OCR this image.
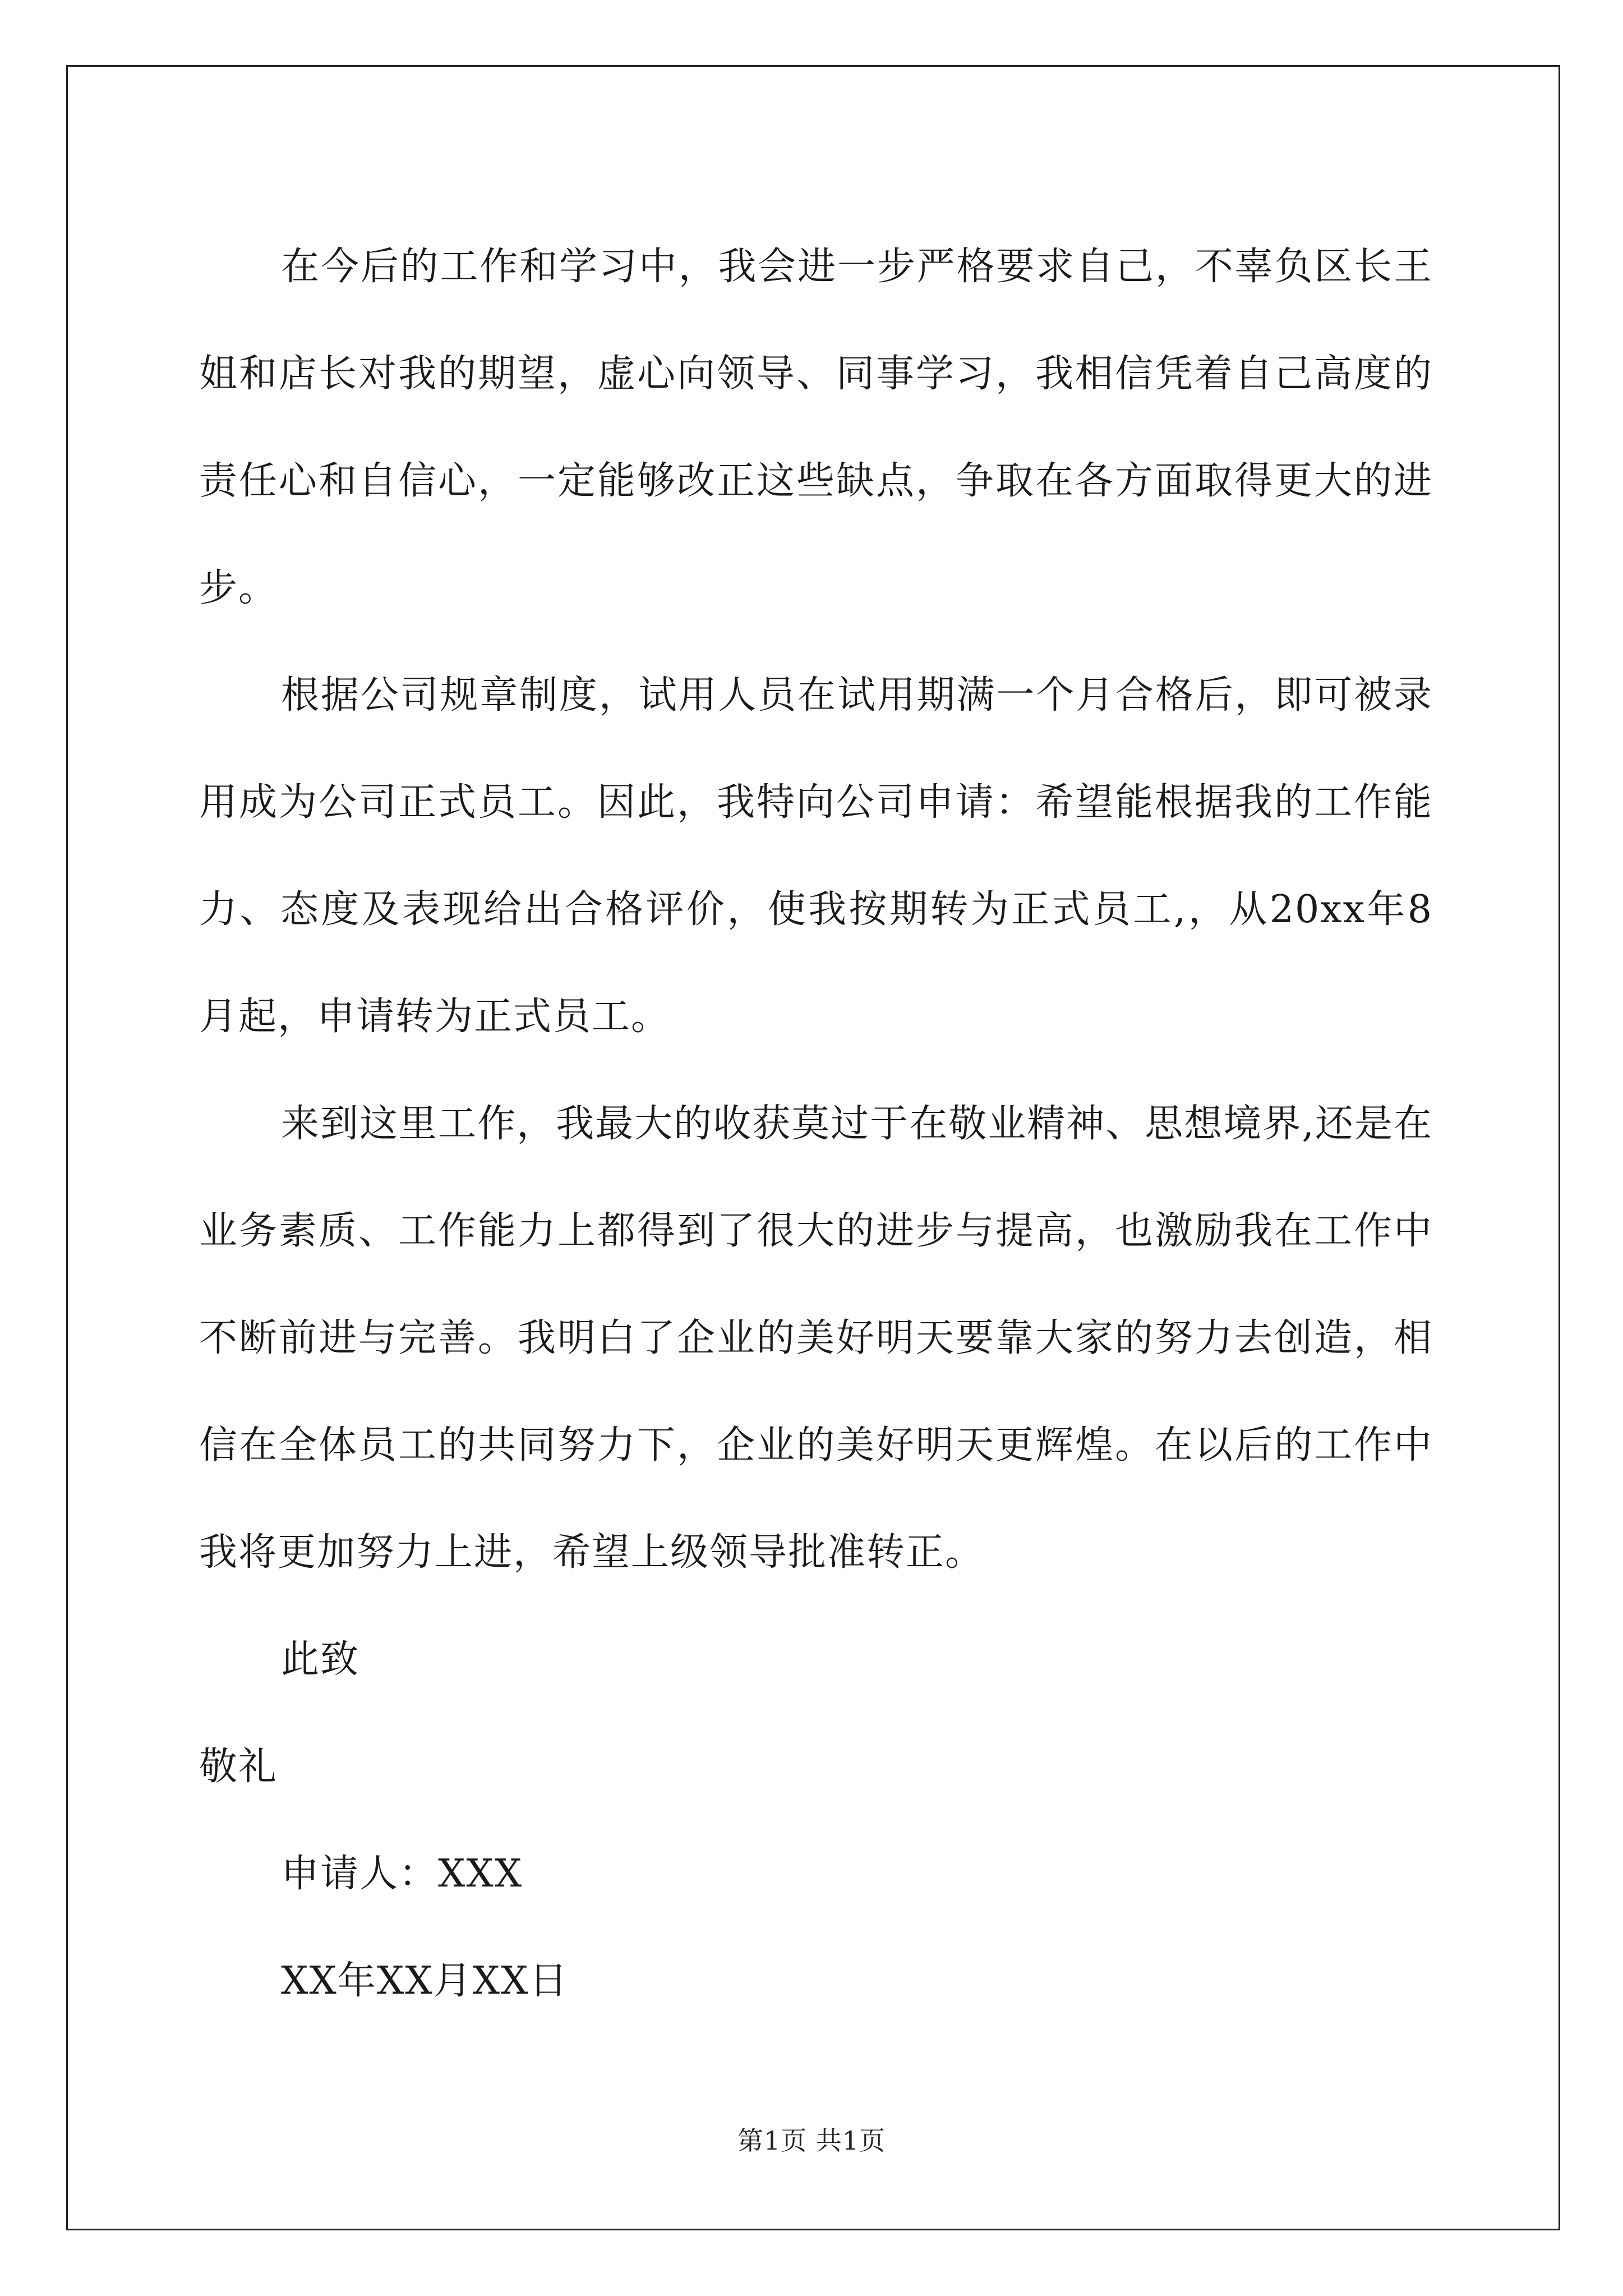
在今后的工作和学习中，我会进一步严格要求自己，不辜负区长王姐和店长对我的期望，虚心向领导、同事学习，我相信凭着自己高度的责任心和自信心，一定能够改正这些缺点，争取在各方面取得更大的进步。

根据公司规章制度，试用人员在试用期满一个月合格后，即可被录用成为公司正式员工。因此，我特向公司申请：希望能根据我的工作能力、态度及表现给出合格评价，使我按期转为正式员工,，从20xx年8月起，申请转为正式员工。

来到这里工作，我最大的收获莫过于在敬业精神、思想境界,还是在业务素质、工作能力上都得到了很大的进步与提高，也激励我在工作中不断前进与完善。我明白了企业的美好明天要靠大家的努力去创造，相信在全体员工的共同努力下，企业的美好明天更辉煌。在以后的工作中我将更加努力上进，希望上级领导批准转正。

此致

敬礼

申请人：XXX

XX年XX月XX日

第1页 共1页
